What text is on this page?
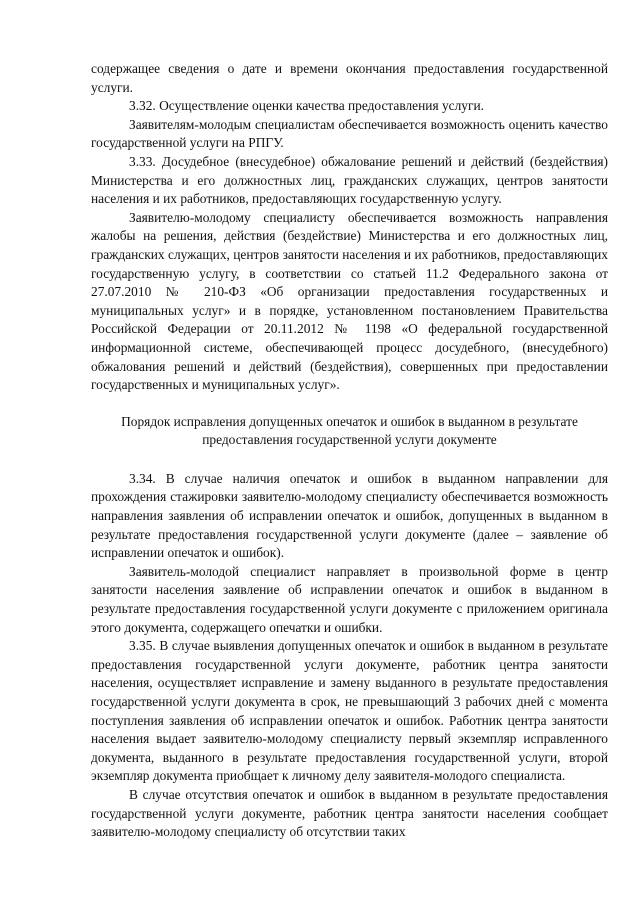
содержащее сведения о дате и времени окончания предоставления государственной услуги.

3.32. Осуществление оценки качества предоставления услуги.

Заявителям-молодым специалистам обеспечивается возможность оценить качество государственной услуги на РПГУ.

3.33. Досудебное (внесудебное) обжалование решений и действий (бездействия) Министерства и его должностных лиц, гражданских служащих, центров занятости населения и их работников, предоставляющих государственную услугу.

Заявителю-молодому специалисту обеспечивается возможность направления жалобы на решения, действия (бездействие) Министерства и его должностных лиц, гражданских служащих, центров занятости населения и их работников, предоставляющих государственную услугу, в соответствии со статьей 11.2 Федерального закона от 27.07.2010 № 210-ФЗ «Об организации предоставления государственных и муниципальных услуг» и в порядке, установленном постановлением Правительства Российской Федерации от 20.11.2012 № 1198 «О федеральной государственной информационной системе, обеспечивающей процесс досудебного, (внесудебного) обжалования решений и действий (бездействия), совершенных при предоставлении государственных и муниципальных услуг».

Порядок исправления допущенных опечаток и ошибок в выданном в результате
предоставления государственной услуги документе

3.34. В случае наличия опечаток и ошибок в выданном направлении для прохождения стажировки заявителю-молодому специалисту обеспечивается возможность направления заявления об исправлении опечаток и ошибок, допущенных в выданном в результате предоставления государственной услуги документе (далее – заявление об исправлении опечаток и ошибок).

Заявитель-молодой специалист направляет в произвольной форме в центр занятости населения заявление об исправлении опечаток и ошибок в выданном в результате предоставления государственной услуги документе с приложением оригинала этого документа, содержащего опечатки и ошибки.

3.35. В случае выявления допущенных опечаток и ошибок в выданном в результате предоставления государственной услуги документе, работник центра занятости населения, осуществляет исправление и замену выданного в результате предоставления государственной услуги документа в срок, не превышающий 3 рабочих дней с момента поступления заявления об исправлении опечаток и ошибок. Работник центра занятости населения выдает заявителю-молодому специалисту первый экземпляр исправленного документа, выданного в результате предоставления государственной услуги, второй экземпляр документа приобщает к личному делу заявителя-молодого специалиста.

В случае отсутствия опечаток и ошибок в выданном в результате предоставления государственной услуги документе, работник центра занятости населения сообщает заявителю-молодому специалисту об отсутствии таких
